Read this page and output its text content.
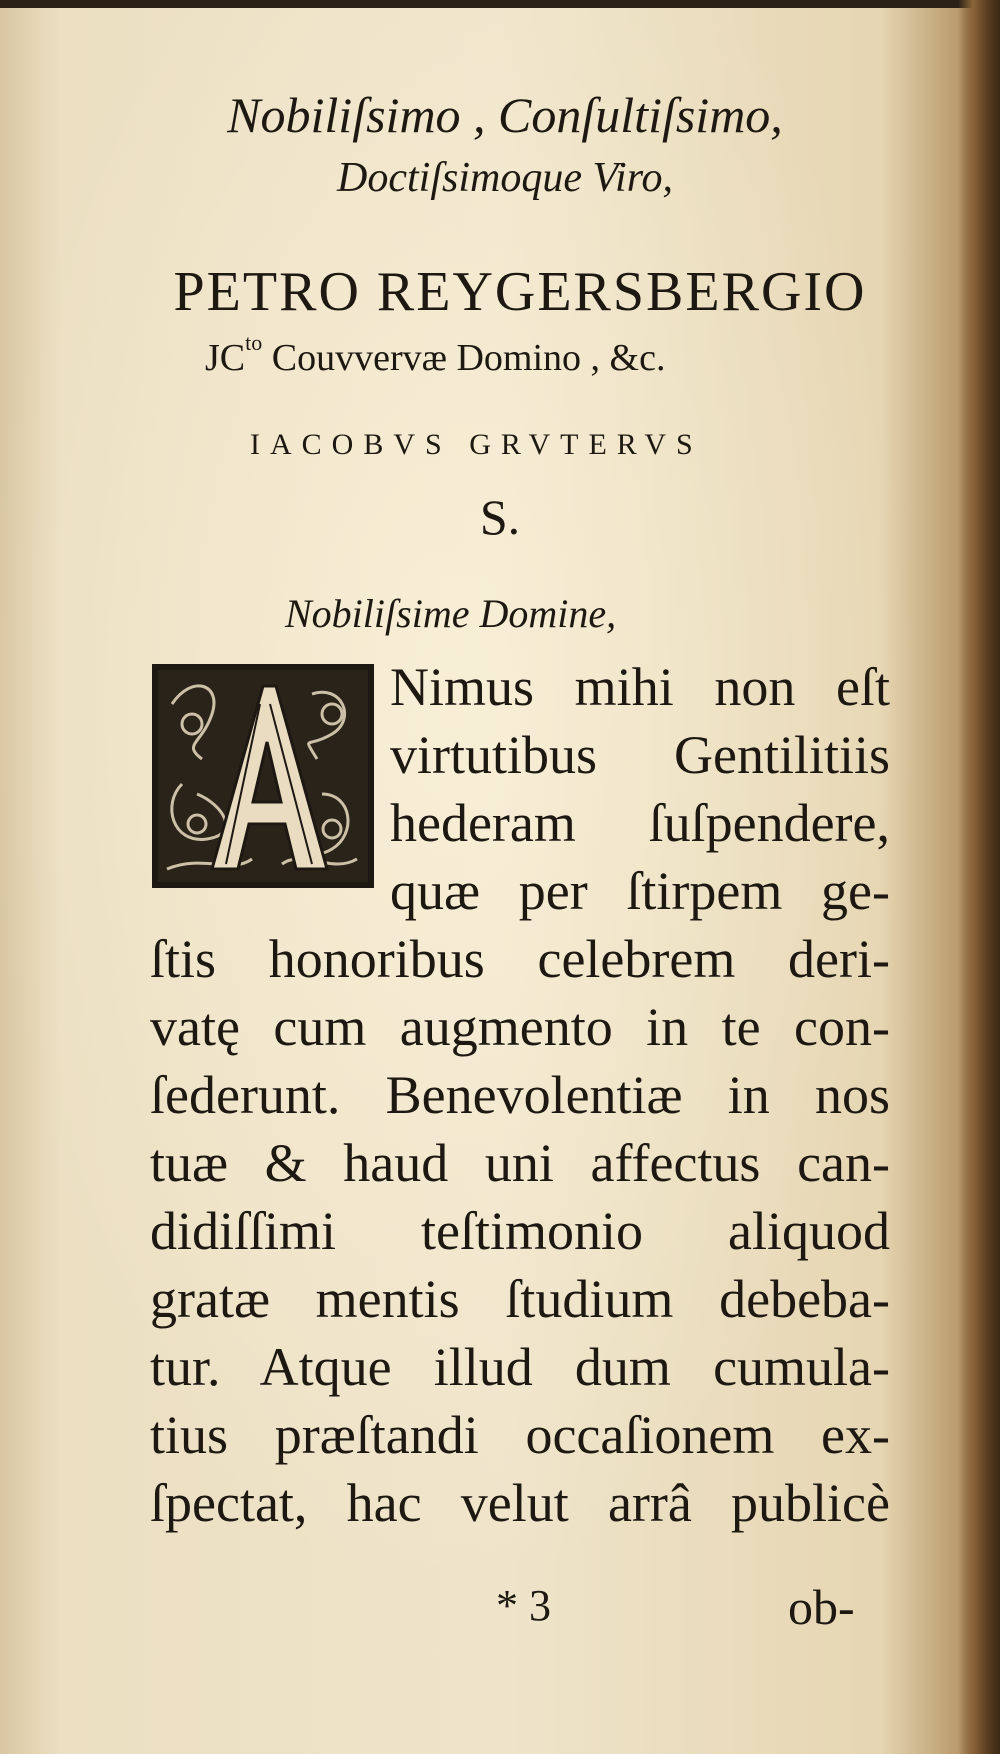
Nobiliſsimo , Conſultiſsimo,
Doctiſsimoque Viro,
PETRO REYGERSBERGIO
$JC^{to}$ Couvvervæ Domino , &c.
IACOBVS GRVTERVS
S.
Nobiliſsime Domine,
Nimus mihi non eſt
virtutibus Gentilitiis
hederam ſuſpendere,
quæ per ſtirpem ge-
ſtis honoribus celebrem deri-
vatę cum augmento in te con-
ſederunt. Benevolentiæ in nos
tuæ & haud uni affectus can-
didiſſimi teſtimonio aliquod
gratæ mentis ſtudium debeba-
tur. Atque illud dum cumula-
tius præſtandi occaſionem ex-
ſpectat, hac velut arrâ publicè
* 3	ob-
